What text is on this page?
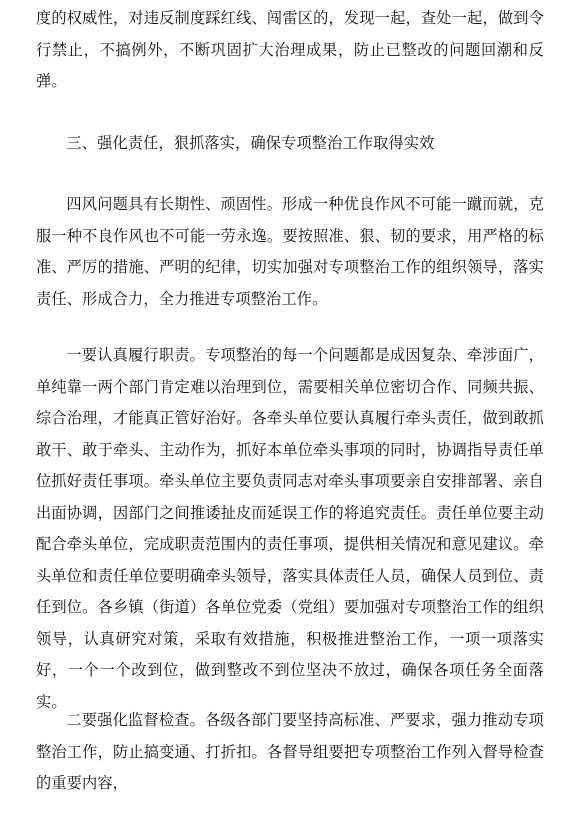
度的权威性，对违反制度踩红线、闯雷区的，发现一起，查处一起，做到令行禁止，不搞例外，不断巩固扩大治理成果，防止已整改的问题回潮和反弹。

三、强化责任，狠抓落实，确保专项整治工作取得实效

四风问题具有长期性、顽固性。形成一种优良作风不可能一蹴而就，克服一种不良作风也不可能一劳永逸。要按照准、狠、韧的要求，用严格的标准、严厉的措施、严明的纪律，切实加强对专项整治工作的组织领导，落实责任、形成合力，全力推进专项整治工作。

一要认真履行职责。专项整治的每一个问题都是成因复杂、牵涉面广，单纯靠一两个部门肯定难以治理到位，需要相关单位密切合作、同频共振、综合治理，才能真正管好治好。各牵头单位要认真履行牵头责任，做到敢抓敢干、敢于牵头、主动作为，抓好本单位牵头事项的同时，协调指导责任单位抓好责任事项。牵头单位主要负责同志对牵头事项要亲自安排部署、亲自出面协调，因部门之间推诿扯皮而延误工作的将追究责任。责任单位要主动配合牵头单位，完成职责范围内的责任事项，提供相关情况和意见建议。牵头单位和责任单位要明确牵头领导，落实具体责任人员，确保人员到位、责任到位。各乡镇（街道）各单位党委（党组）要加强对专项整治工作的组织领导，认真研究对策，采取有效措施，积极推进整治工作，一项一项落实好，一个一个改到位，做到整改不到位坚决不放过，确保各项任务全面落实。

二要强化监督检查。各级各部门要坚持高标准、严要求，强力推动专项整治工作，防止搞变通、打折扣。各督导组要把专项整治工作列入督导检查的重要内容，
